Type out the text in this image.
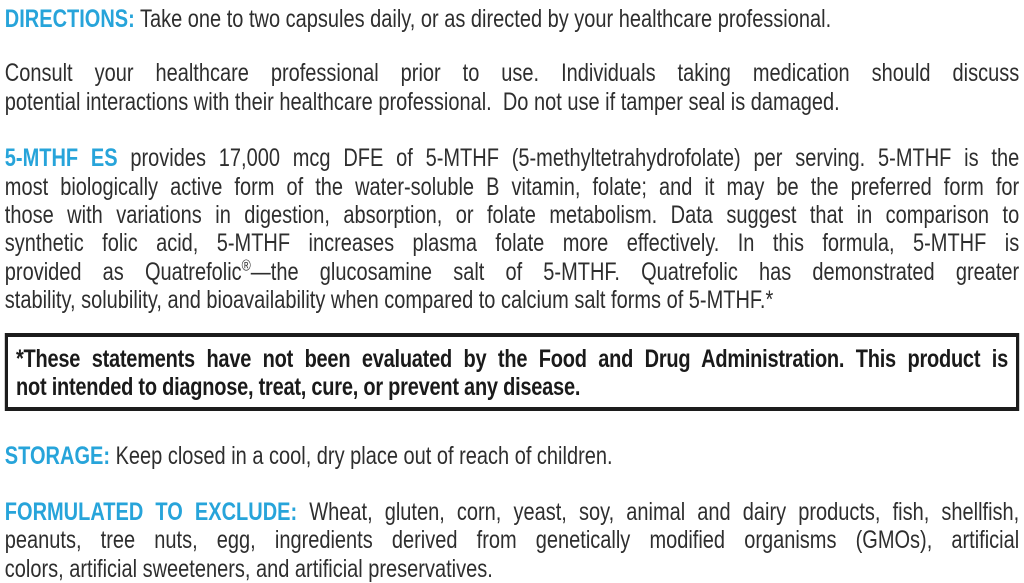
DIRECTIONS: Take one to two capsules daily, or as directed by your healthcare professional.

Consult your healthcare professional prior to use. Individuals taking medication should discuss
potential interactions with their healthcare professional.  Do not use if tamper seal is damaged.
5-MTHF ES provides 17,000 mcg DFE of 5-MTHF (5-methyltetrahydrofolate) per serving. 5-MTHF is the
most biologically active form of the water-soluble B vitamin, folate; and it may be the preferred form for
those with variations in digestion, absorption, or folate metabolism. Data suggest that in comparison to
synthetic folic acid, 5-MTHF increases plasma folate more effectively. In this formula, 5-MTHF is
provided as Quatrefolic®—the glucosamine salt of 5-MTHF. Quatrefolic has demonstrated greater
stability, solubility, and bioavailability when compared to calcium salt forms of 5-MTHF.*
*These statements have not been evaluated by the Food and Drug Administration. This product is
not intended to diagnose, treat, cure, or prevent any disease.

STORAGE: Keep closed in a cool, dry place out of reach of children.

FORMULATED TO EXCLUDE: Wheat, gluten, corn, yeast, soy, animal and dairy products, fish, shellfish,
peanuts, tree nuts, egg, ingredients derived from genetically modified organisms (GMOs), artificial
colors, artificial sweeteners, and artificial preservatives.
